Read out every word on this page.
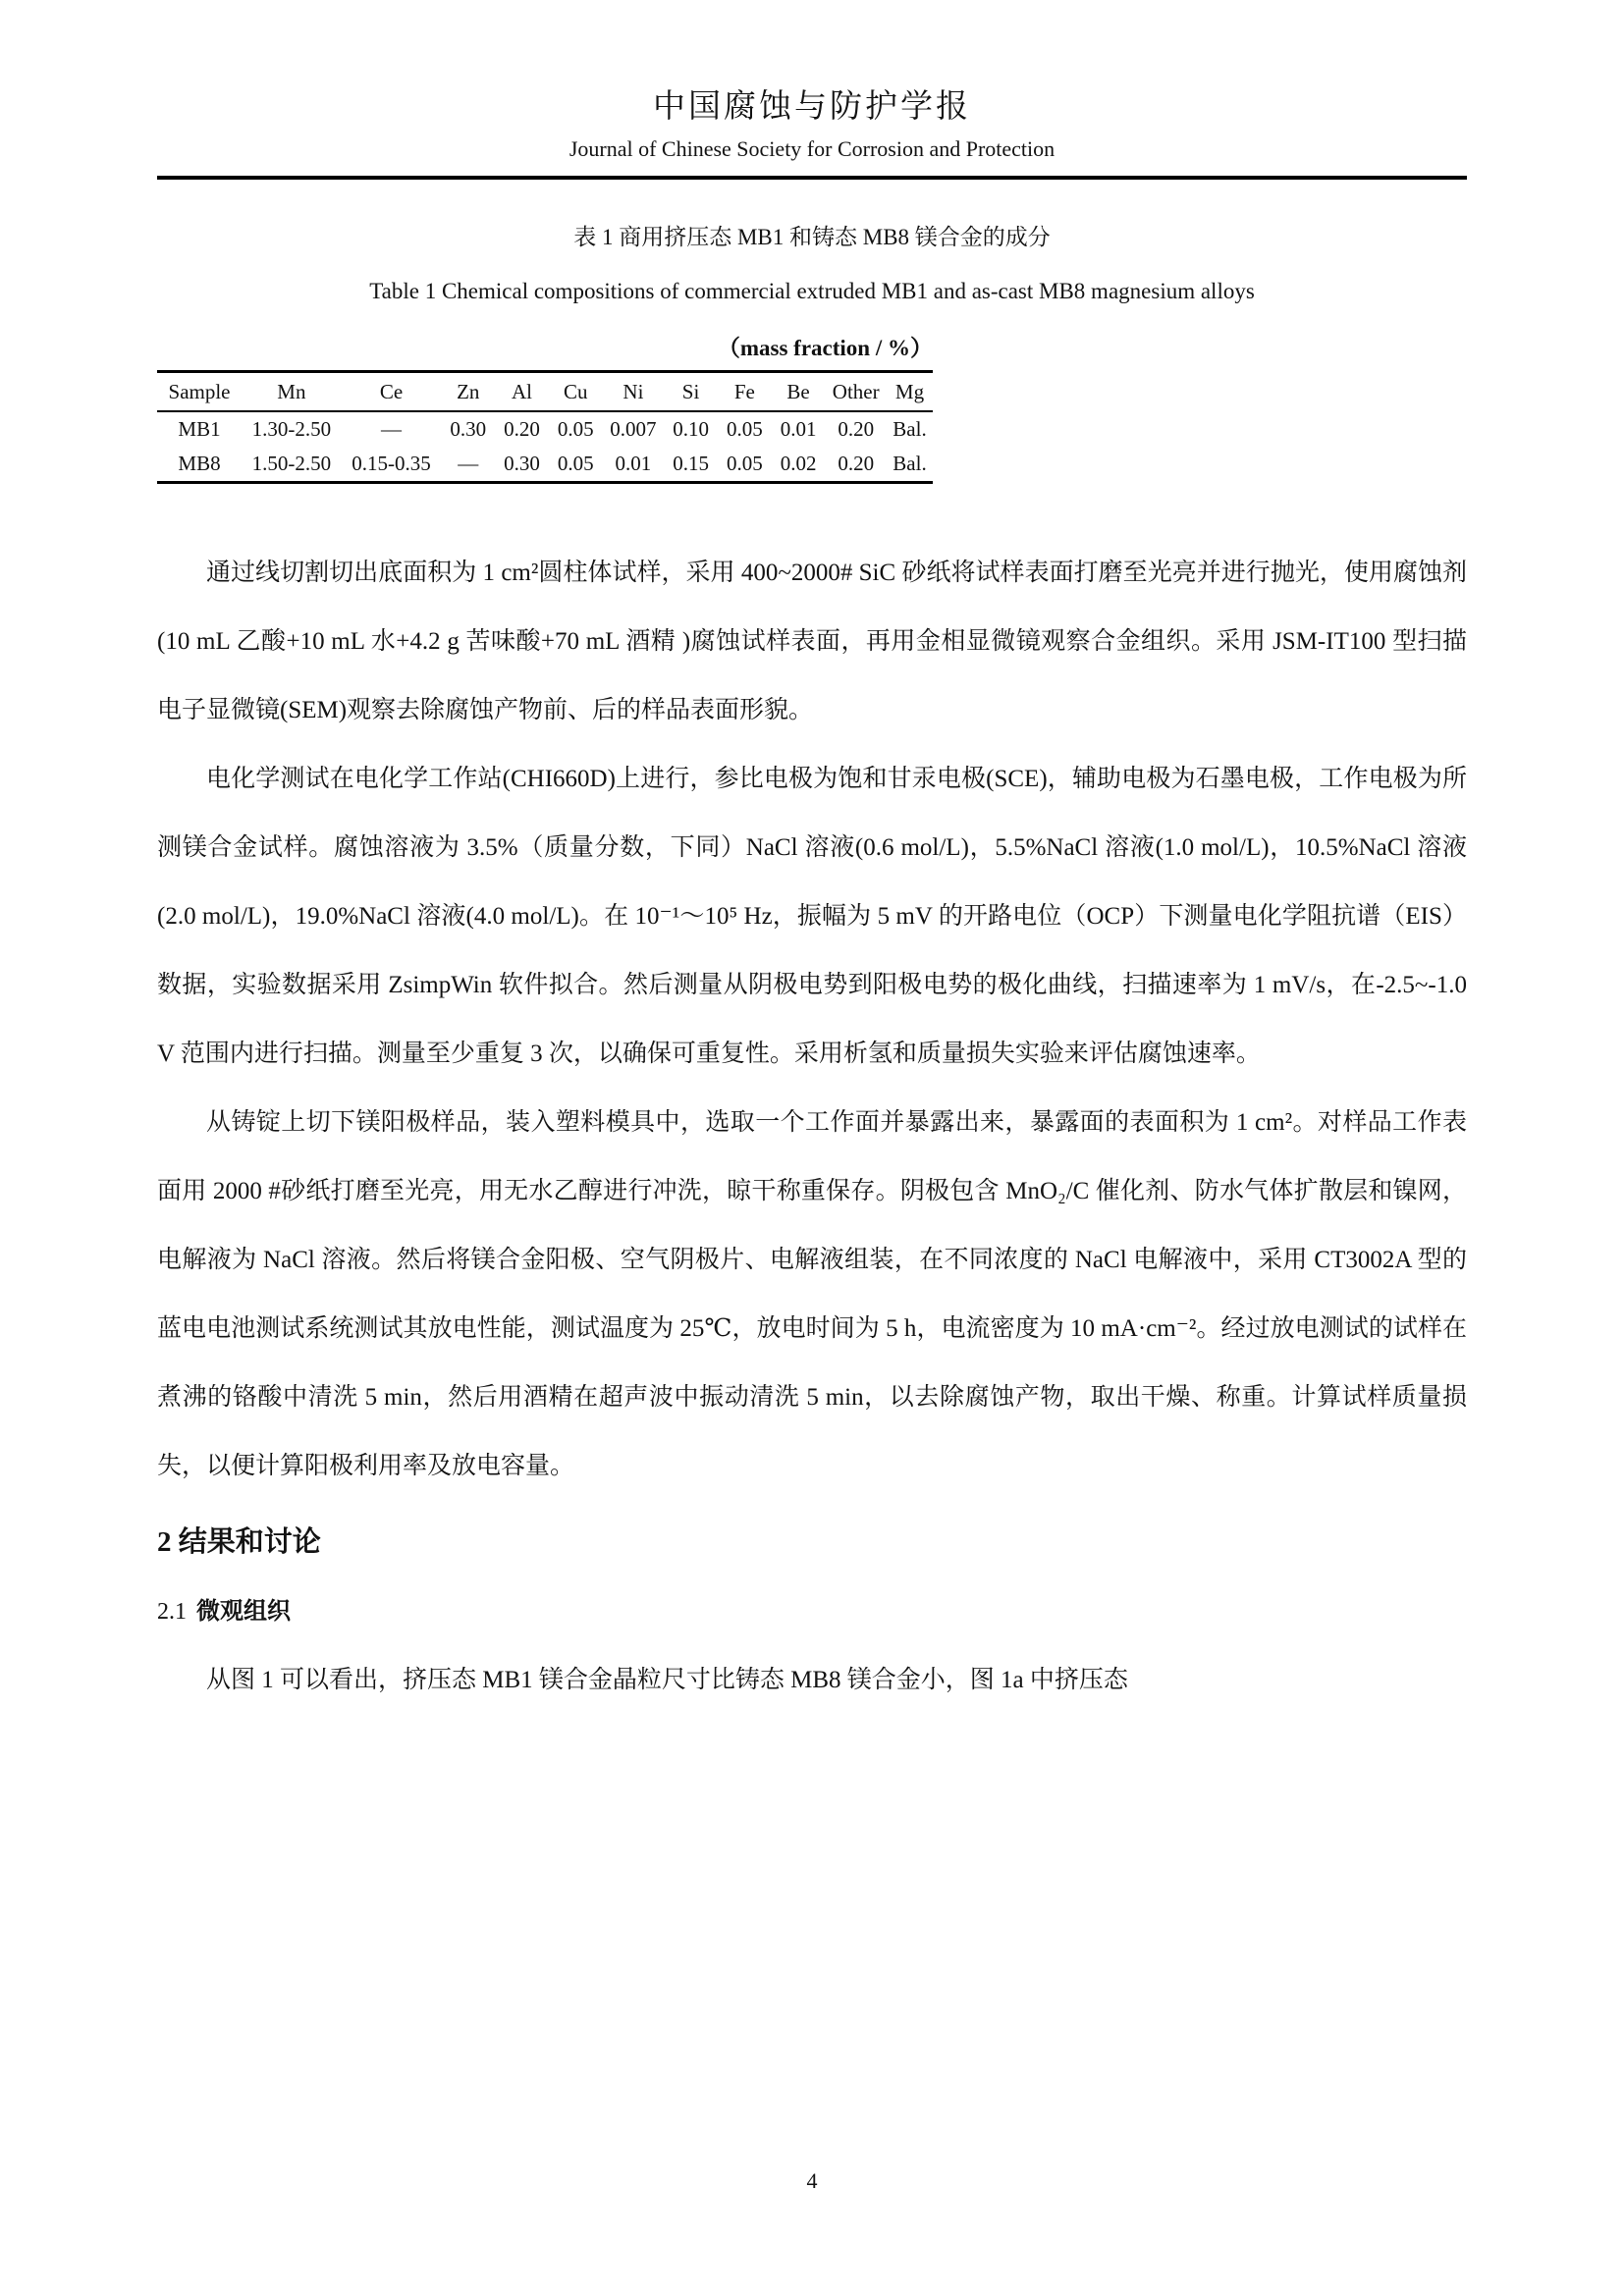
中国腐蚀与防护学报
Journal of Chinese Society for Corrosion and Protection
表 1 商用挤压态 MB1 和铸态 MB8 镁合金的成分
Table 1 Chemical compositions of commercial extruded MB1 and as-cast MB8 magnesium alloys
（mass fraction / %）
Sample	Mn	Ce	Zn	Al	Cu	Ni	Si	Fe	Be	Other	Mg
MB1	1.30-2.50	—	0.30	0.20	0.05	0.007	0.10	0.05	0.01	0.20	Bal.
MB8	1.50-2.50	0.15-0.35	—	0.30	0.05	0.01	0.15	0.05	0.02	0.20	Bal.

通过线切割切出底面积为 1 cm²圆柱体试样，采用 400~2000# SiC 砂纸将试样表面打磨至光亮并进行抛光，使用腐蚀剂(10 mL 乙酸+10 mL 水+4.2 g 苦味酸+70 mL 酒精 )腐蚀试样表面，再用金相显微镜观察合金组织。采用 JSM-IT100 型扫描电子显微镜(SEM)观察去除腐蚀产物前、后的样品表面形貌。

电化学测试在电化学工作站(CHI660D)上进行，参比电极为饱和甘汞电极(SCE)，辅助电极为石墨电极，工作电极为所测镁合金试样。腐蚀溶液为 3.5%（质量分数，下同）NaCl 溶液(0.6 mol/L)，5.5%NaCl 溶液(1.0 mol/L)，10.5%NaCl 溶液(2.0 mol/L)，19.0%NaCl 溶液(4.0 mol/L)。在 10⁻¹～10⁵ Hz，振幅为 5 mV 的开路电位（OCP）下测量电化学阻抗谱（EIS）数据，实验数据采用 ZsimpWin 软件拟合。然后测量从阴极电势到阳极电势的极化曲线，扫描速率为 1 mV/s，在-2.5~-1.0 V 范围内进行扫描。测量至少重复 3 次，以确保可重复性。采用析氢和质量损失实验来评估腐蚀速率。

从铸锭上切下镁阳极样品，装入塑料模具中，选取一个工作面并暴露出来，暴露面的表面积为 1 cm²。对样品工作表面用 2000 #砂纸打磨至光亮，用无水乙醇进行冲洗，晾干称重保存。阴极包含 MnO₂/C 催化剂、防水气体扩散层和镍网，电解液为 NaCl 溶液。然后将镁合金阳极、空气阴极片、电解液组装，在不同浓度的 NaCl 电解液中，采用 CT3002A 型的蓝电电池测试系统测试其放电性能，测试温度为 25℃，放电时间为 5 h，电流密度为 10 mA·cm⁻²。经过放电测试的试样在煮沸的铬酸中清洗 5 min，然后用酒精在超声波中振动清洗 5 min，以去除腐蚀产物，取出干燥、称重。计算试样质量损失，以便计算阳极利用率及放电容量。

2 结果和讨论
2.1 微观组织

从图 1 可以看出，挤压态 MB1 镁合金晶粒尺寸比铸态 MB8 镁合金小，图 1a 中挤压态

4
